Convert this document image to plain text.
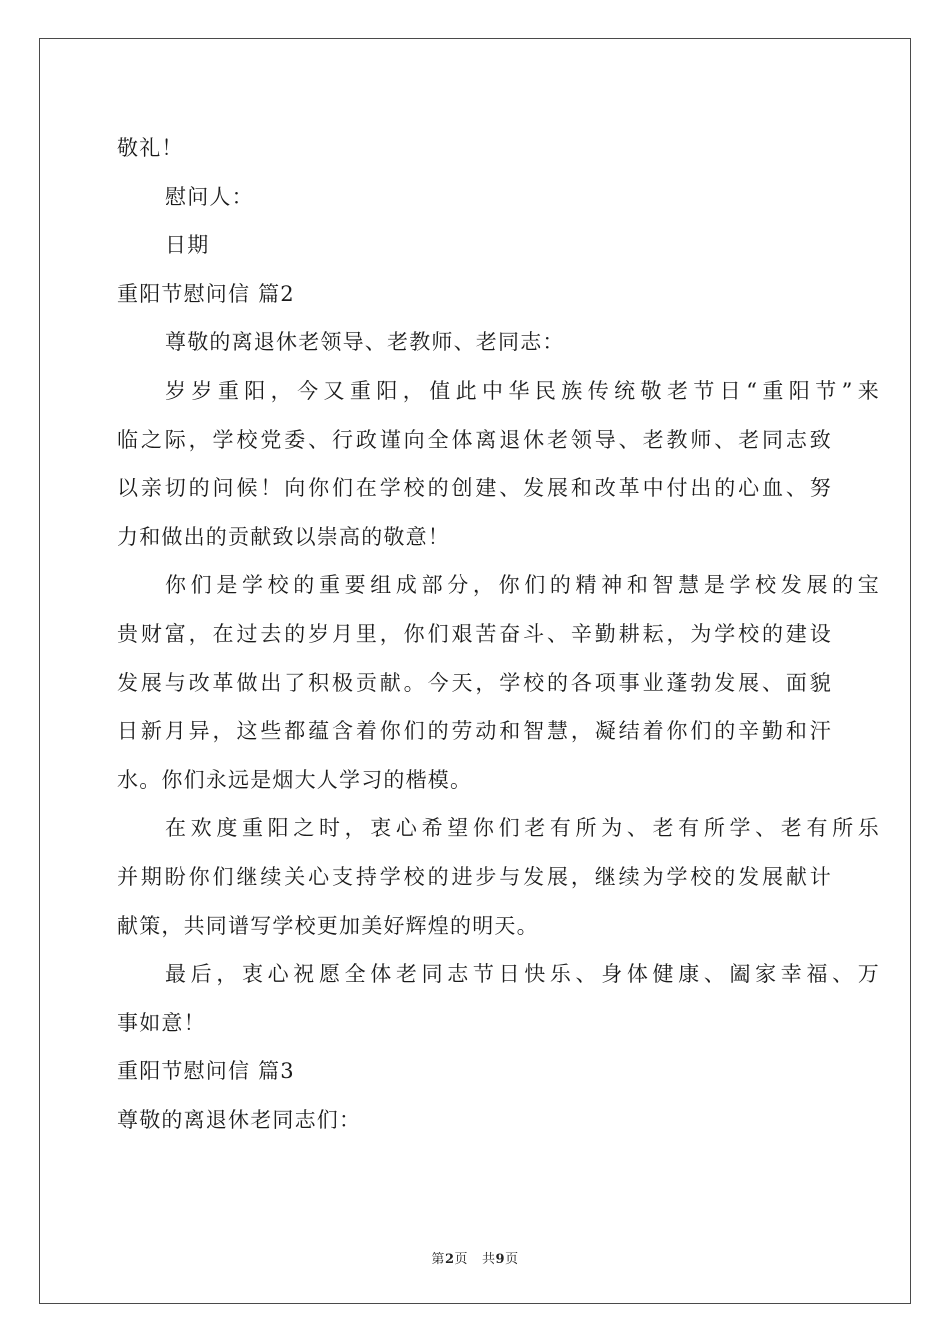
敬礼！
慰问人：
日期
重阳节慰问信 篇2
尊敬的离退休老领导、老教师、老同志：
岁岁重阳，今又重阳，值此中华民族传统敬老节日“重阳节”来
临之际，学校党委、行政谨向全体离退休老领导、老教师、老同志致
以亲切的问候！向你们在学校的创建、发展和改革中付出的心血、努
力和做出的贡献致以崇高的敬意！
你们是学校的重要组成部分，你们的精神和智慧是学校发展的宝
贵财富，在过去的岁月里，你们艰苦奋斗、辛勤耕耘，为学校的建设
发展与改革做出了积极贡献。今天，学校的各项事业蓬勃发展、面貌
日新月异，这些都蕴含着你们的劳动和智慧，凝结着你们的辛勤和汗
水。你们永远是烟大人学习的楷模。
在欢度重阳之时，衷心希望你们老有所为、老有所学、老有所乐
并期盼你们继续关心支持学校的进步与发展，继续为学校的发展献计
献策，共同谱写学校更加美好辉煌的明天。
最后，衷心祝愿全体老同志节日快乐、身体健康、阖家幸福、万
事如意！
重阳节慰问信 篇3
尊敬的离退休老同志们：
第2页 共9页
